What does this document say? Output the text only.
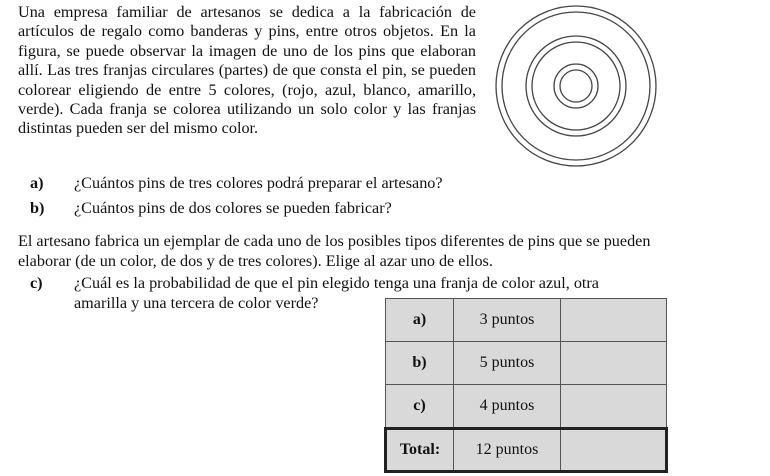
Una empresa familiar de artesanos se dedica a la fabricación de artículos de regalo como banderas y pins, entre otros objetos. En la figura, se puede observar la imagen de uno de los pins que elaboran allí. Las tres franjas circulares (partes) de que consta el pin, se pueden colorear eligiendo de entre 5 colores, (rojo, azul, blanco, amarillo, verde). Cada franja se colorea utilizando un solo color y las franjas distintas pueden ser del mismo color.

a) ¿Cuántos pins de tres colores podrá preparar el artesano?
b) ¿Cuántos pins de dos colores se pueden fabricar?

El artesano fabrica un ejemplar de cada uno de los posibles tipos diferentes de pins que se pueden elaborar (de un color, de dos y de tres colores). Elige al azar uno de ellos.

c) ¿Cuál es la probabilidad de que el pin elegido tenga una franja de color azul, otra
amarilla y una tercera de color verde?
a)	3 puntos	
b)	5 puntos	
c)	4 puntos	
Total:	12 puntos	
